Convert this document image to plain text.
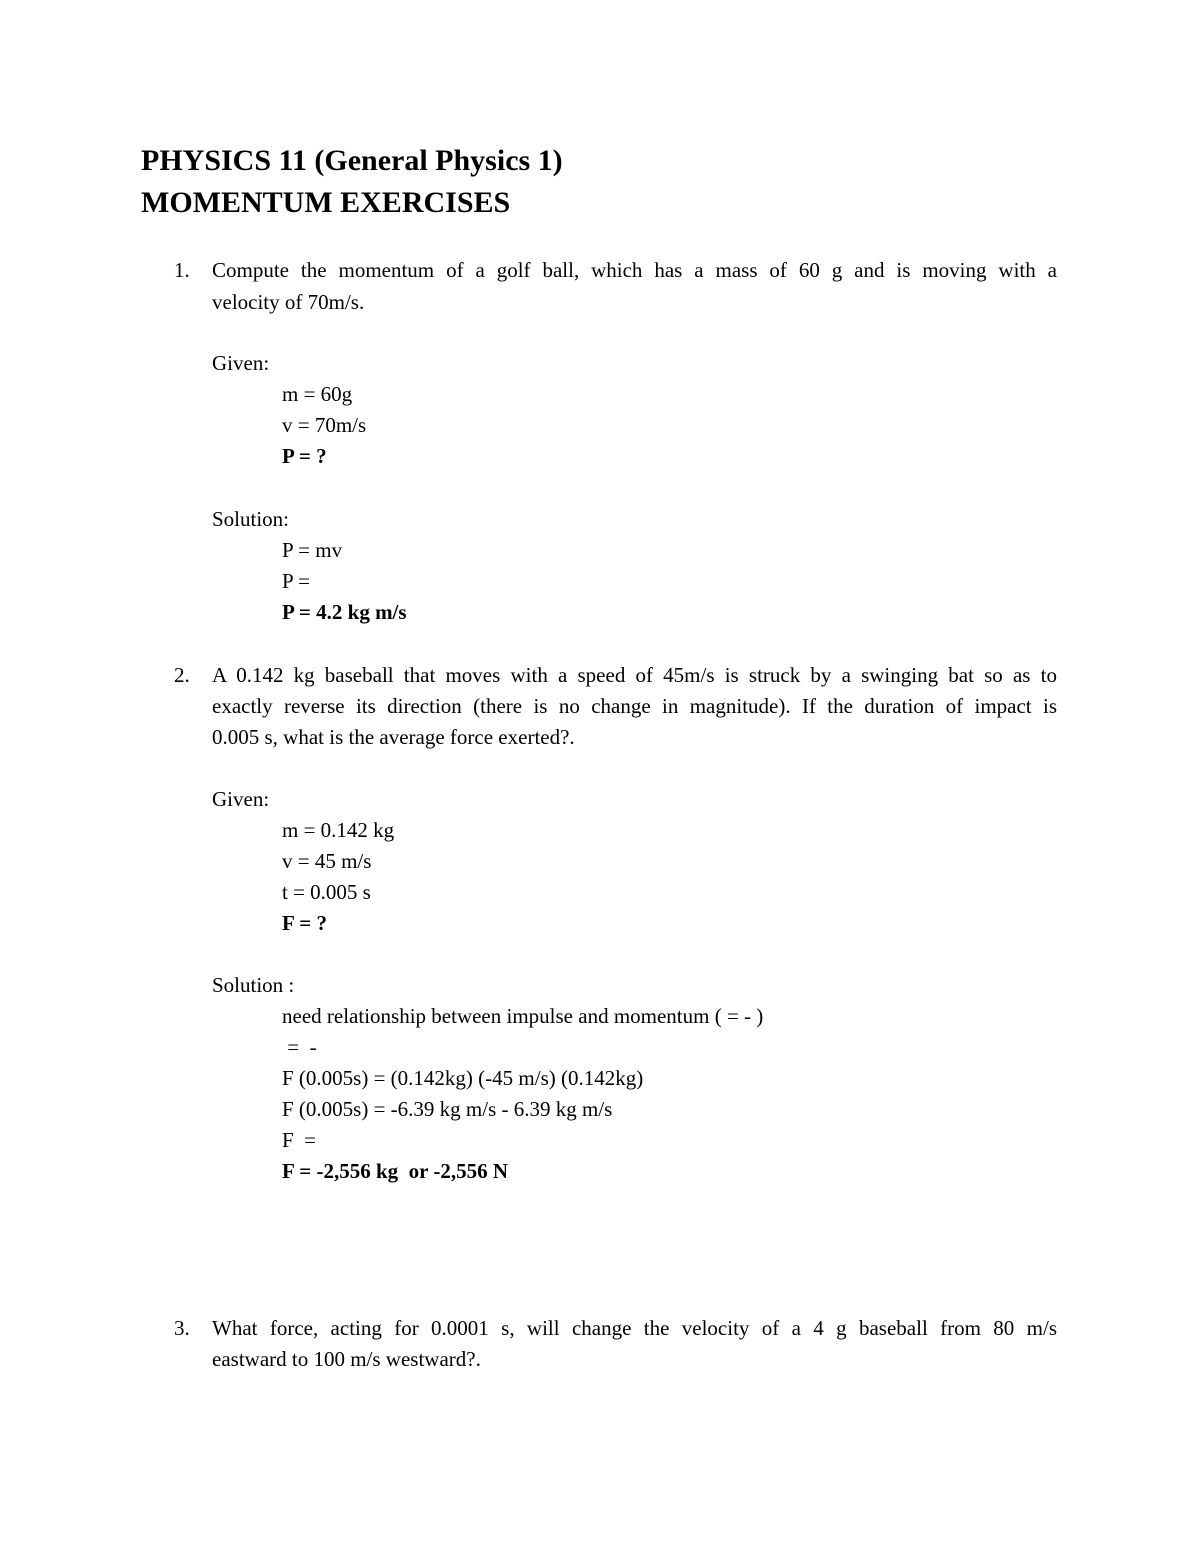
PHYSICS 11 (General Physics 1)
MOMENTUM EXERCISES
1. Compute the momentum of a golf ball, which has a mass of 60 g and is moving with a
velocity of 70m/s.
Given:
m = 60g
v = 70m/s
P = ?
Solution:
P = mv
P =
P = 4.2 kg m/s
2. A 0.142 kg baseball that moves with a speed of 45m/s is struck by a swinging bat so as to
exactly reverse its direction (there is no change in magnitude). If the duration of impact is
0.005 s, what is the average force exerted?.
Given:
m = 0.142 kg
v = 45 m/s
t = 0.005 s
F = ?
Solution :
need relationship between impulse and momentum ( = - )
=  -
F (0.005s) = (0.142kg) (-45 m/s) (0.142kg)
F (0.005s) = -6.39 kg m/s - 6.39 kg m/s
F  =
F = -2,556 kg  or -2,556 N
3. What force, acting for 0.0001 s, will change the velocity of a 4 g baseball from 80 m/s
eastward to 100 m/s westward?.
